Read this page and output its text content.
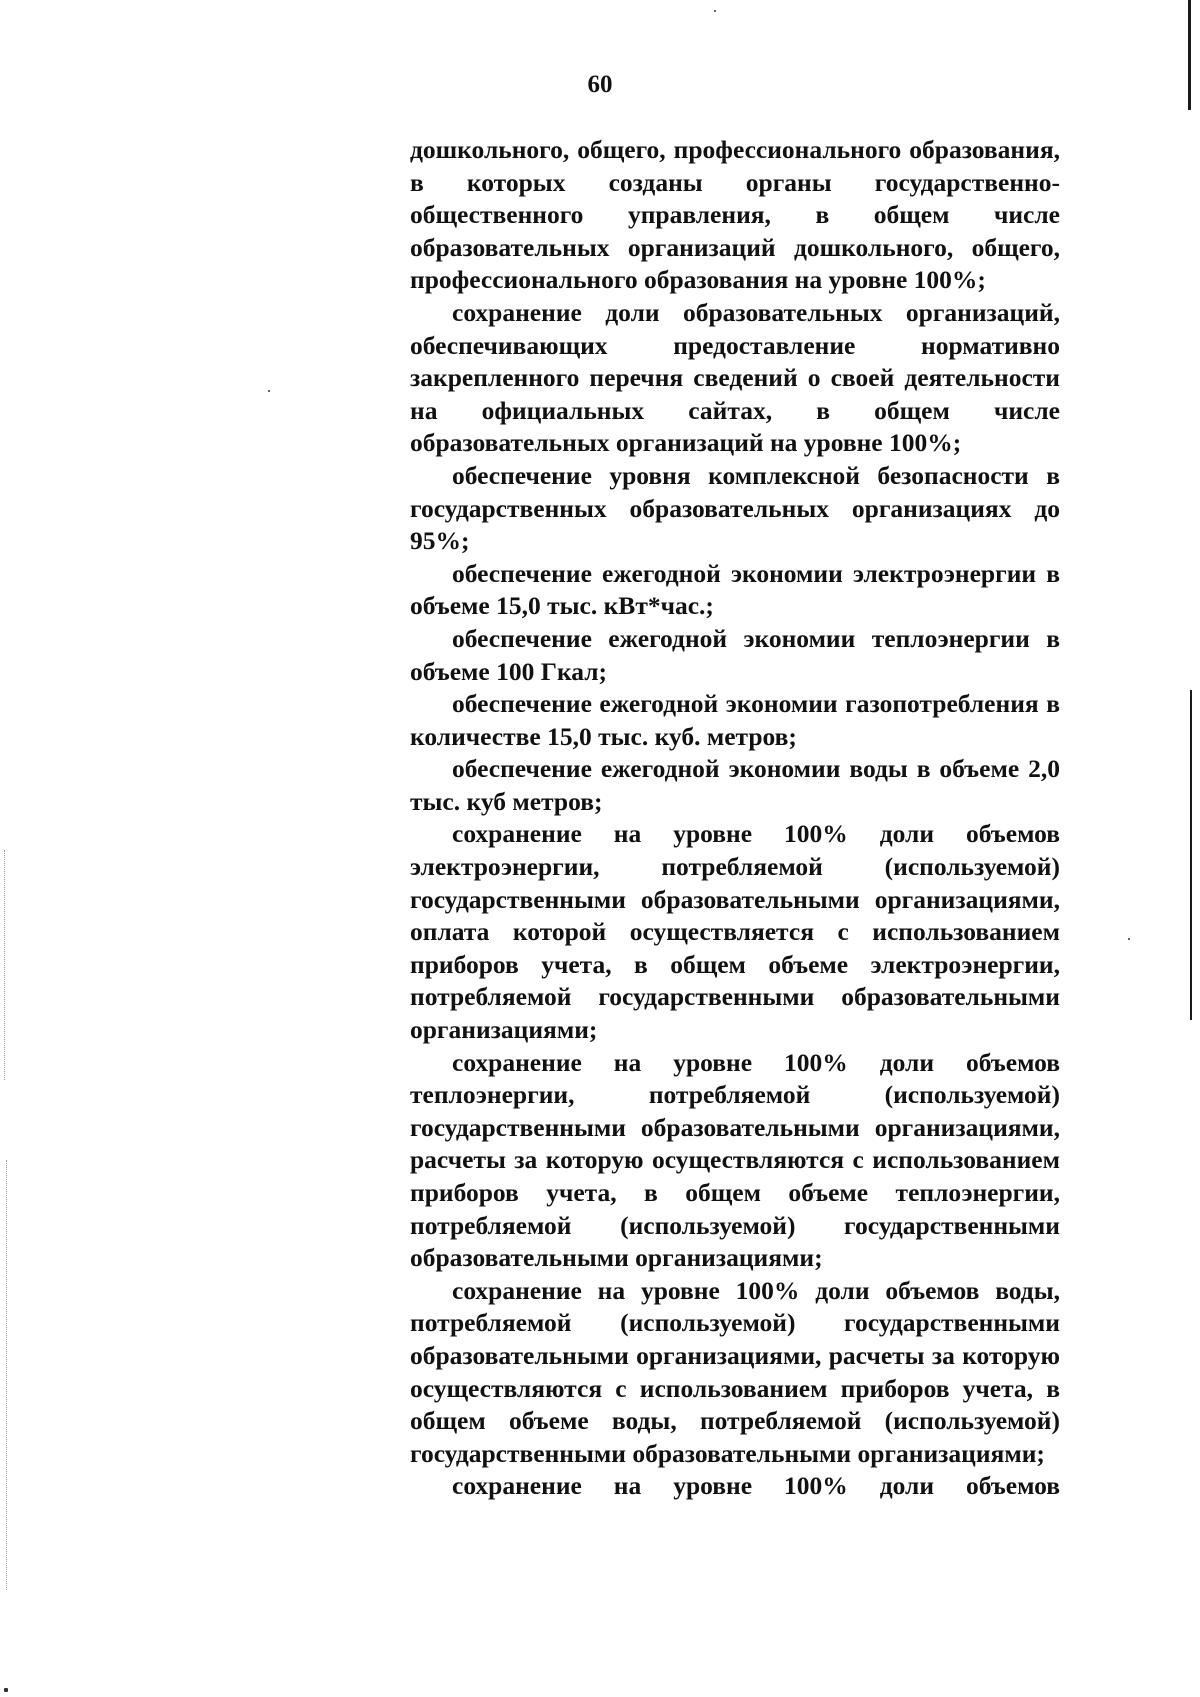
60

дошкольного, общего, профессионального образования, в которых созданы органы государственно-общественного управления, в общем числе образовательных организаций дошкольного, общего, профессионального образования на уровне 100%;

сохранение доли образовательных организаций, обеспечивающих предоставление нормативно закрепленного перечня сведений о своей деятельности на официальных сайтах, в общем числе образовательных организаций на уровне 100%;

обеспечение уровня комплексной безопасности в государственных образовательных организациях до 95%;

обеспечение ежегодной экономии электроэнергии в объеме 15,0 тыс. кВт*час.;

обеспечение ежегодной экономии теплоэнергии в объеме 100 Гкал;

обеспечение ежегодной экономии газопотребления в количестве 15,0 тыс. куб. метров;

обеспечение ежегодной экономии воды в объеме 2,0 тыс. куб метров;

сохранение на уровне 100% доли объемов электроэнергии, потребляемой (используемой) государственными образовательными организациями, оплата которой осуществляется с использованием приборов учета, в общем объеме электроэнергии, потребляемой государственными образовательными организациями;

сохранение на уровне 100% доли объемов теплоэнергии, потребляемой (используемой) государственными образовательными организациями, расчеты за которую осуществляются с использованием приборов учета, в общем объеме теплоэнергии, потребляемой (используемой) государственными образовательными организациями;

сохранение на уровне 100% доли объемов воды, потребляемой (используемой) государственными образовательными организациями, расчеты за которую осуществляются с использованием приборов учета, в общем объеме воды, потребляемой (используемой) государственными образовательными организациями;

сохранение на уровне 100% доли объемов
